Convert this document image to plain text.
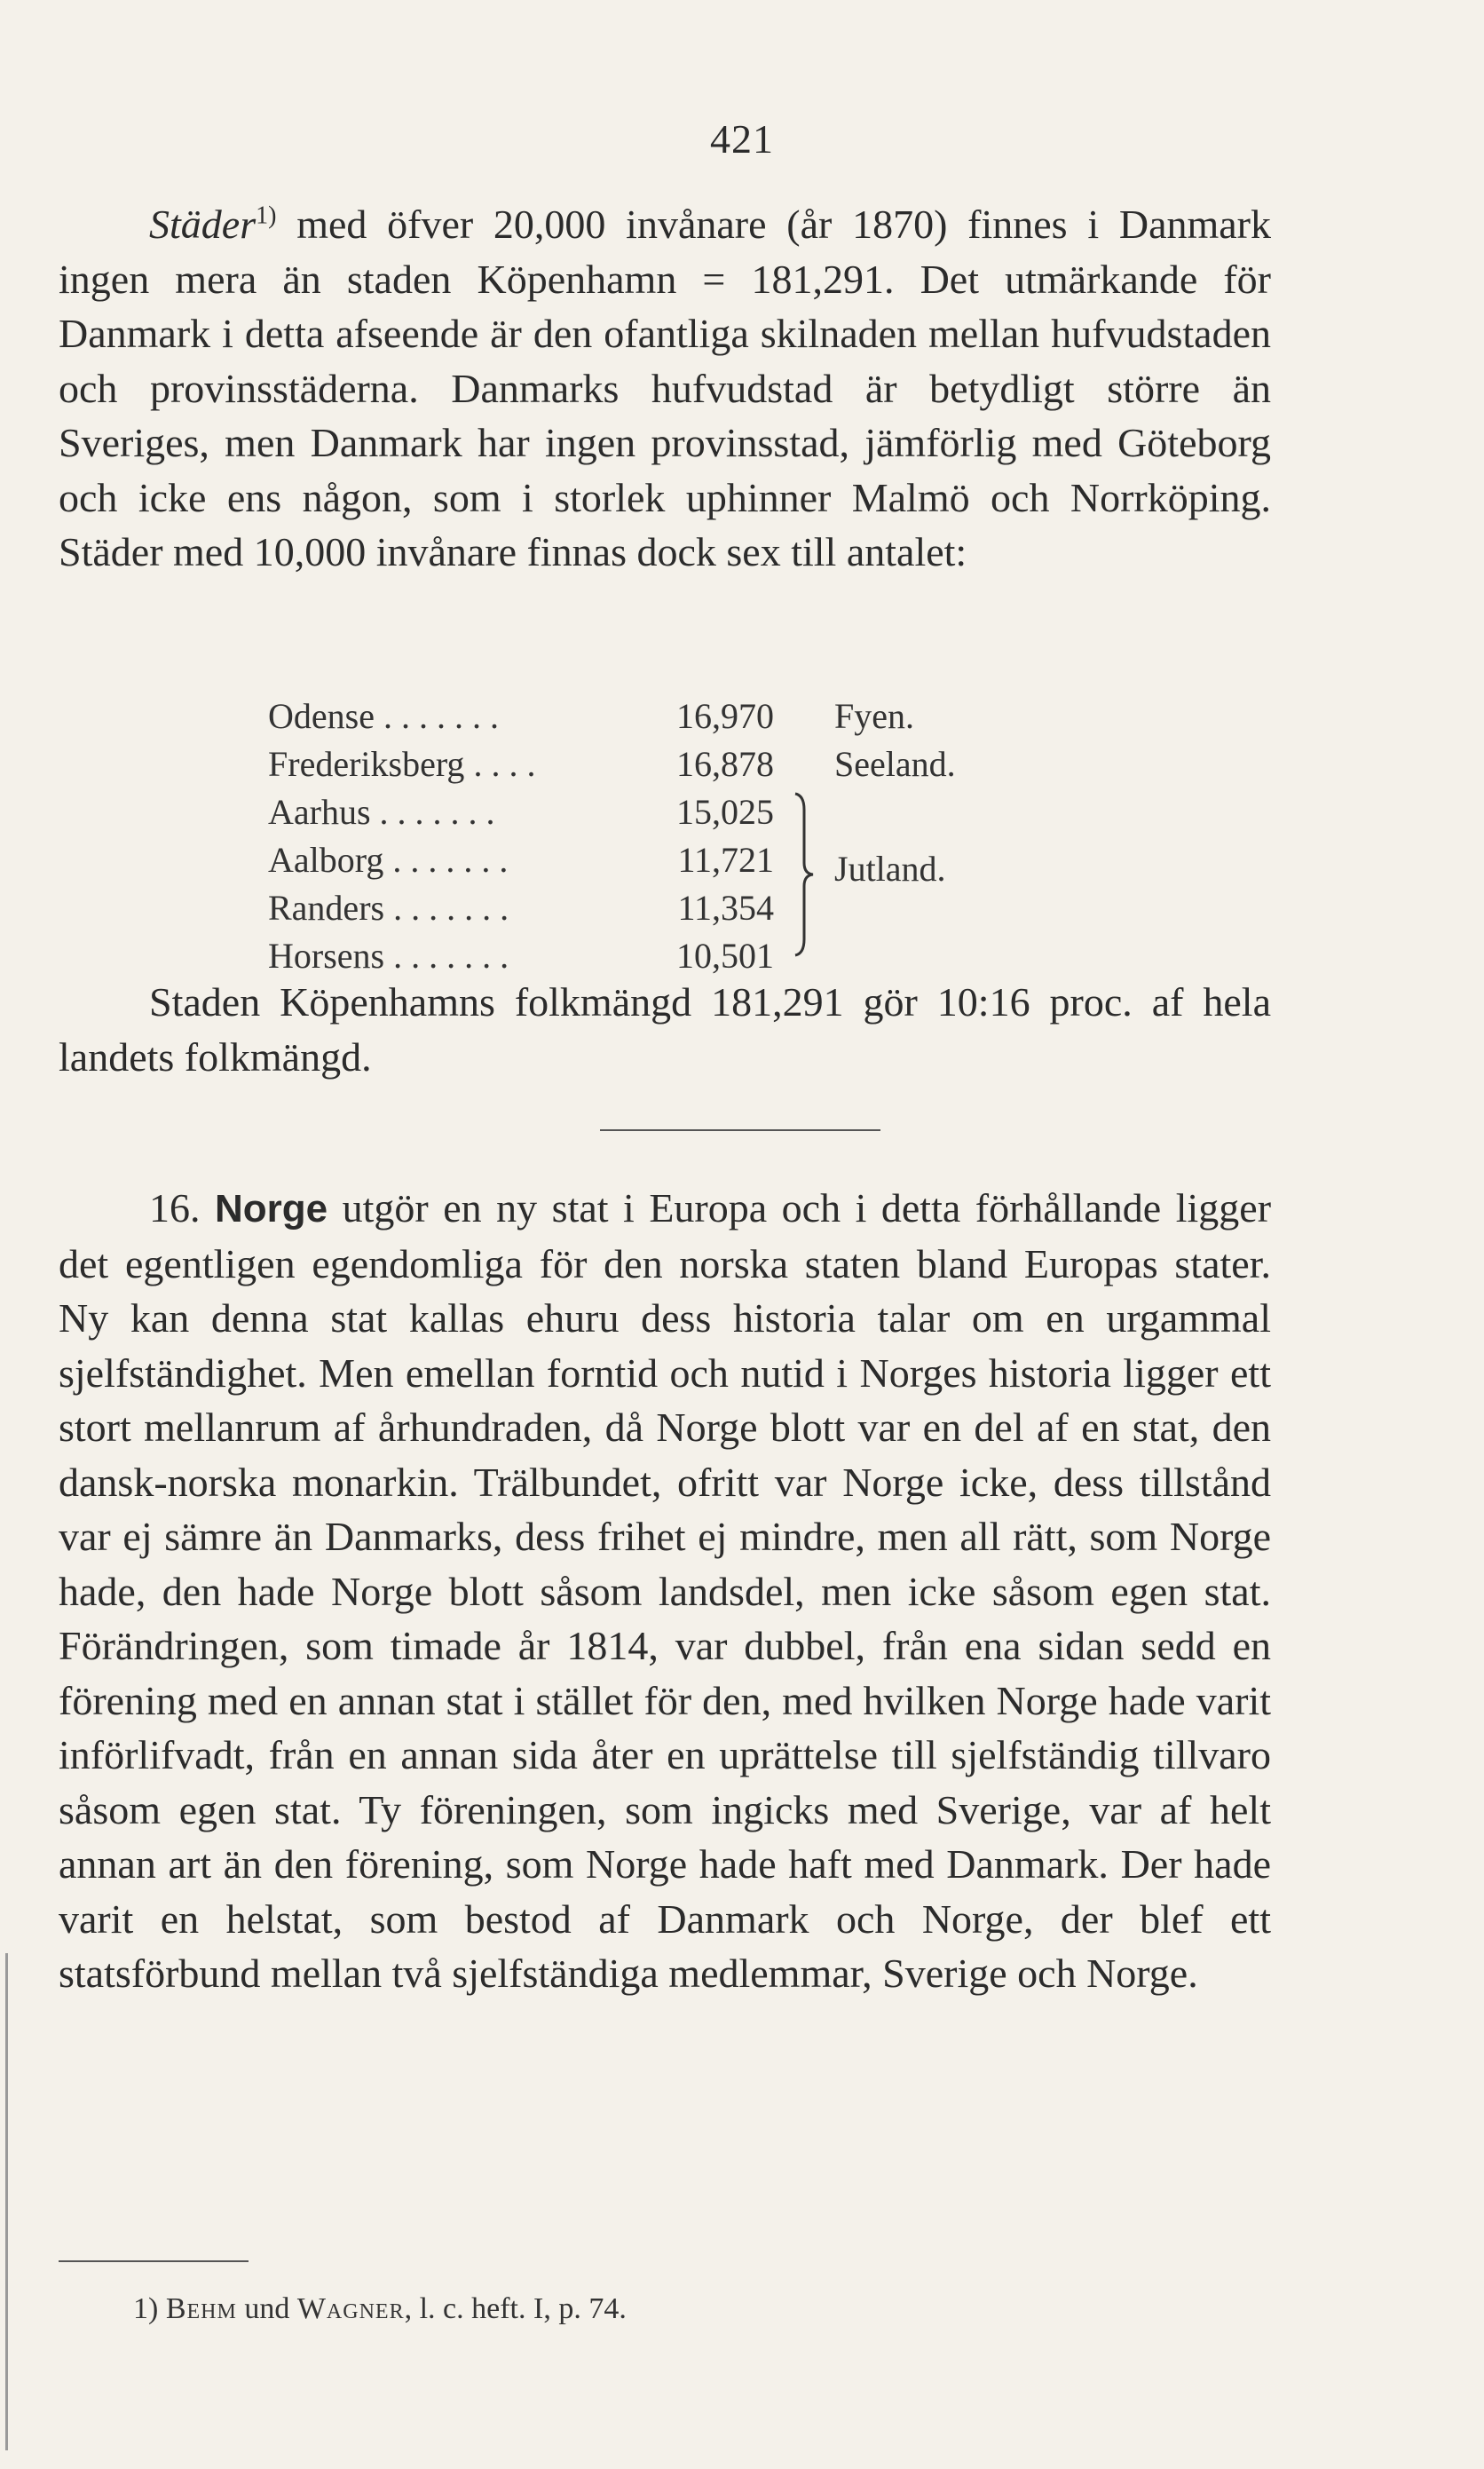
421

Städer$^{1)}$ med öfver 20,000 invånare (år 1870) finnes i Danmark ingen mera än staden Köpenhamn = 181,291. Det utmärkande för Danmark i detta afseende är den ofantliga skilnaden mellan hufvudstaden och provinsstäderna. Danmarks hufvudstad är betydligt större än Sveriges, men Danmark har ingen provinsstad, jämförlig med Göteborg och icke ens någon, som i storlek uphinner Malmö och Norrköping. Städer med 10,000 invånare finnas dock sex till antalet:

Odense . . . . . . .	16,970 Fyen.
Frederiksberg . . . .	16,878 Seeland.
Aarhus . . . . . . .	15,025
Aalborg . . . . . . .	11,721
Randers . . . . . . .	11,354
Horsens . . . . . . .	10,501
Jutland.

Staden Köpenhamns folkmängd 181,291 gör 10:16 proc. af hela landets folkmängd.

16. Norge utgör en ny stat i Europa och i detta förhållande ligger det egentligen egendomliga för den norska staten bland Europas stater. Ny kan denna stat kallas ehuru dess historia talar om en urgammal sjelfständighet. Men emellan forntid och nutid i Norges historia ligger ett stort mellanrum af århundraden, då Norge blott var en del af en stat, den dansk-norska monarkin. Trälbundet, ofritt var Norge icke, dess tillstånd var ej sämre än Danmarks, dess frihet ej mindre, men all rätt, som Norge hade, den hade Norge blott såsom landsdel, men icke såsom egen stat. Förändringen, som timade år 1814, var dubbel, från ena sidan sedd en förening med en annan stat i stället för den, med hvilken Norge hade varit införlifvadt, från en annan sida åter en uprättelse till sjelfständig tillvaro såsom egen stat. Ty föreningen, som ingicks med Sverige, var af helt annan art än den förening, som Norge hade haft med Danmark. Der hade varit en helstat, som bestod af Danmark och Norge, der blef ett statsförbund mellan två sjelfständiga medlemmar, Sverige och Norge.

1) Behm und Wagner, l. c. heft. I, p. 74.
